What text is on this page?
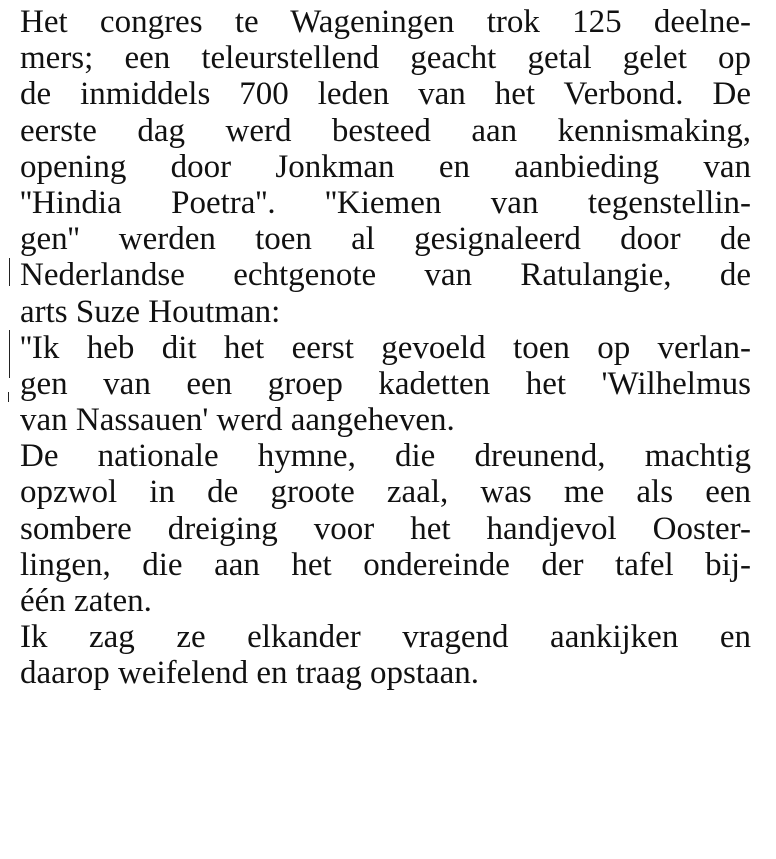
Het congres te Wageningen trok 125 deelne-
mers; een teleurstellend geacht getal gelet op
de inmiddels 700 leden van het Verbond. De
eerste dag werd besteed aan kennismaking,
opening door Jonkman en aanbieding van
''Hindia Poetra''. ''Kiemen van tegenstellin-
gen'' werden toen al gesignaleerd door de
Nederlandse echtgenote van Ratulangie, de
arts Suze Houtman:
''Ik heb dit het eerst gevoeld toen op verlan-
gen van een groep kadetten het 'Wilhelmus
van Nassauen' werd aangeheven.
De nationale hymne, die dreunend, machtig
opzwol in de groote zaal, was me als een
sombere dreiging voor het handjevol Ooster-
lingen, die aan het ondereinde der tafel bij-
één zaten.
Ik zag ze elkander vragend aankijken en
daarop weifelend en traag opstaan.
